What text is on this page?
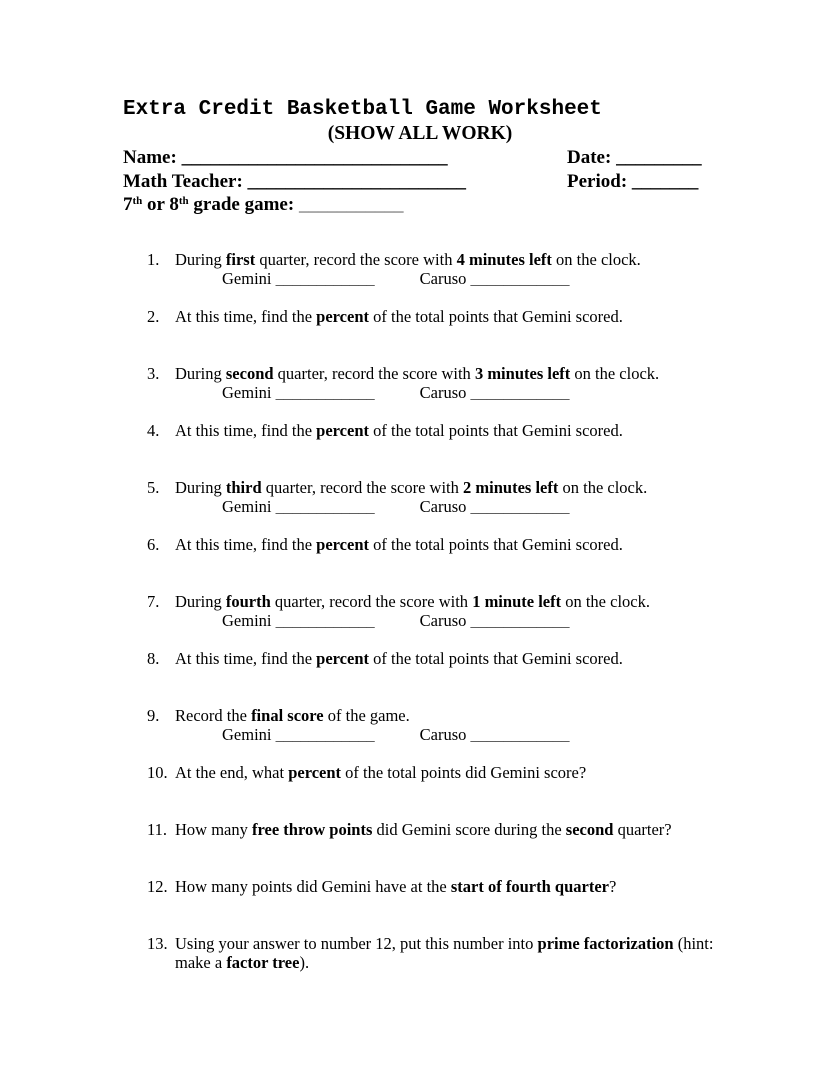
Extra Credit Basketball Game Worksheet
(SHOW ALL WORK)
Name: ____________________________	Date: _________
Math Teacher: _______________________	Period: _______
7th or 8th grade game: ___________
1. During first quarter, record the score with 4 minutes left on the clock.
Gemini ____________	Caruso ____________
2. At this time, find the percent of the total points that Gemini scored.
3. During second quarter, record the score with 3 minutes left on the clock.
Gemini ____________	Caruso ____________
4. At this time, find the percent of the total points that Gemini scored.
5. During third quarter, record the score with 2 minutes left on the clock.
Gemini ____________	Caruso ____________
6. At this time, find the percent of the total points that Gemini scored.
7. During fourth quarter, record the score with 1 minute left on the clock.
Gemini ____________	Caruso ____________
8. At this time, find the percent of the total points that Gemini scored.
9. Record the final score of the game.
Gemini ____________	Caruso ____________
10. At the end, what percent of the total points did Gemini score?
11. How many free throw points did Gemini score during the second quarter?
12. How many points did Gemini have at the start of fourth quarter?
13. Using your answer to number 12, put this number into prime factorization (hint:
make a factor tree).
